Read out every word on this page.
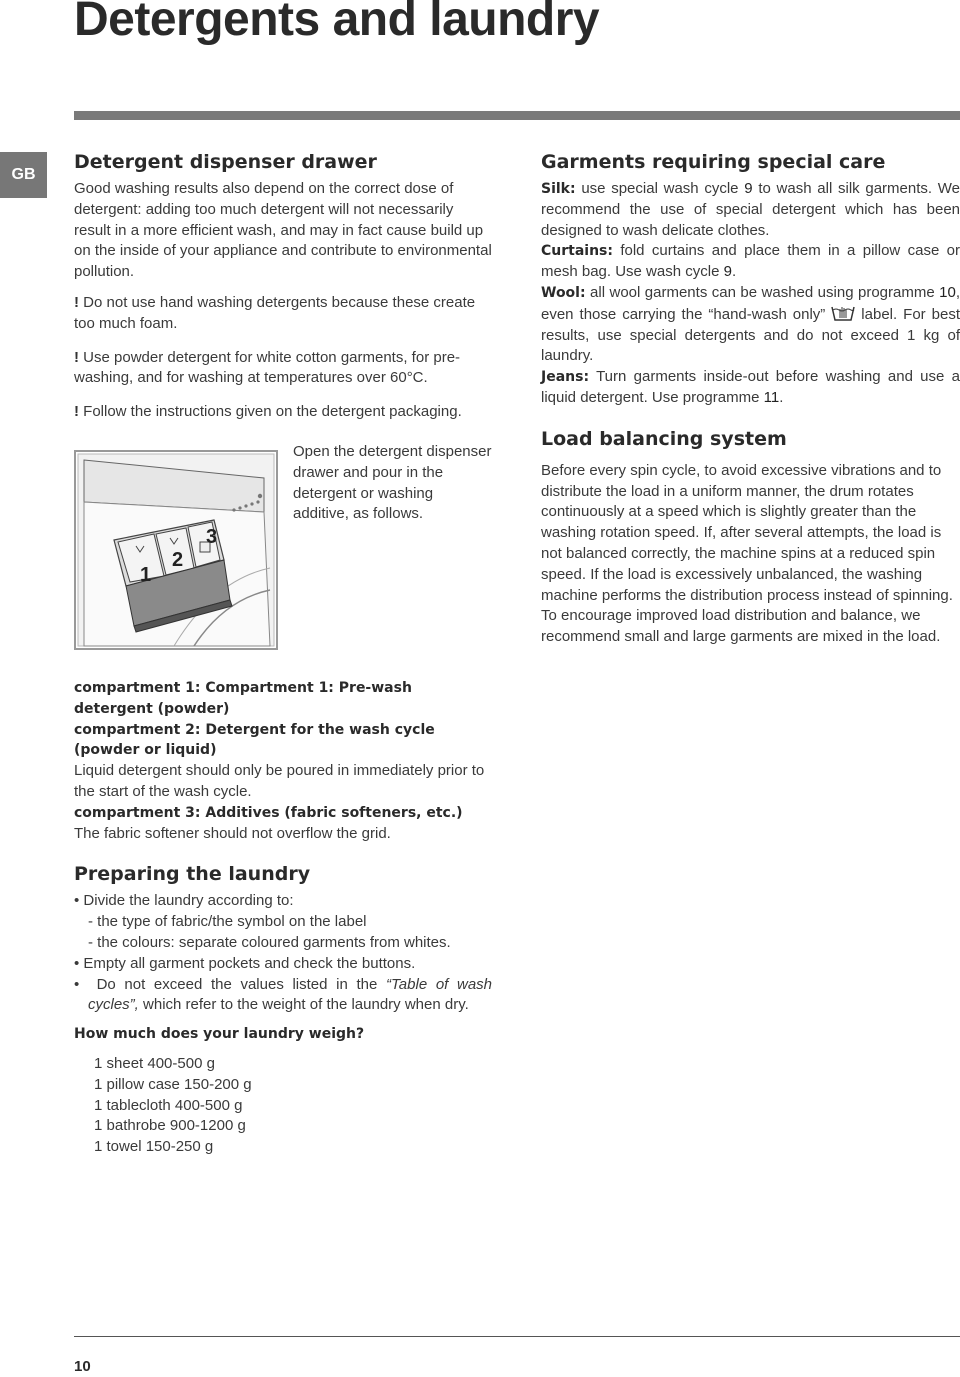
Detergents and laundry
GB
Detergent dispenser drawer

Good washing results also depend on the correct dose of detergent: adding too much detergent will not necessarily result in a more efficient wash, and may in fact cause build up on the inside of your appliance and contribute to environmental pollution.

! Do not use hand washing detergents because these create too much foam.

! Use powder detergent for white cotton garments, for pre-washing, and for washing at temperatures over 60°C.

! Follow the instructions given on the detergent packaging.

1
2
3
Open the detergent dispenser drawer and pour in the detergent or washing additive, as follows.

compartment 1: Compartment 1: Pre-wash detergent (powder)

compartment 2: Detergent for the wash cycle (powder or liquid)

Liquid detergent should only be poured in immediately prior to the start of the wash cycle.

compartment 3: Additives (fabric softeners, etc.)

The fabric softener should not overflow the grid.

Preparing the laundry
• Divide the laundry according to:
- the type of fabric/the symbol on the label
- the colours: separate coloured garments from whites.
• Empty all garment pockets and check the buttons.
•  Do not exceed the values listed in the “Table of wash cycles”, which refer to the weight of the laundry when dry.

How much does your laundry weigh?

1 sheet 400-500 g
1 pillow case 150-200 g
1 tablecloth 400-500 g
1 bathrobe 900-1200 g
1 towel 150-250 g
Garments requiring special care
Silk: use special wash cycle 9 to wash all silk garments. We recommend the use of special detergent which has been designed to wash delicate clothes.
Curtains: fold curtains and place them in a pillow case or mesh bag. Use wash cycle 9.
Wool: all wool garments can be washed using programme 10, even those carrying the “hand-wash only” label. For best results, use special detergents and do not exceed 1 kg of laundry.
Jeans: Turn garments inside-out before washing and use a liquid detergent. Use programme 11.
Load balancing system

Before every spin cycle, to avoid excessive vibrations and to distribute the load in a uniform manner, the drum rotates continuously at a speed which is slightly greater than the washing rotation speed. If, after several attempts, the load is not balanced correctly, the machine spins at a reduced spin speed. If the load is excessively unbalanced, the washing machine performs the distribution process instead of spinning. To encourage improved load distribution and balance, we recommend small and large garments are mixed in the load.

10
